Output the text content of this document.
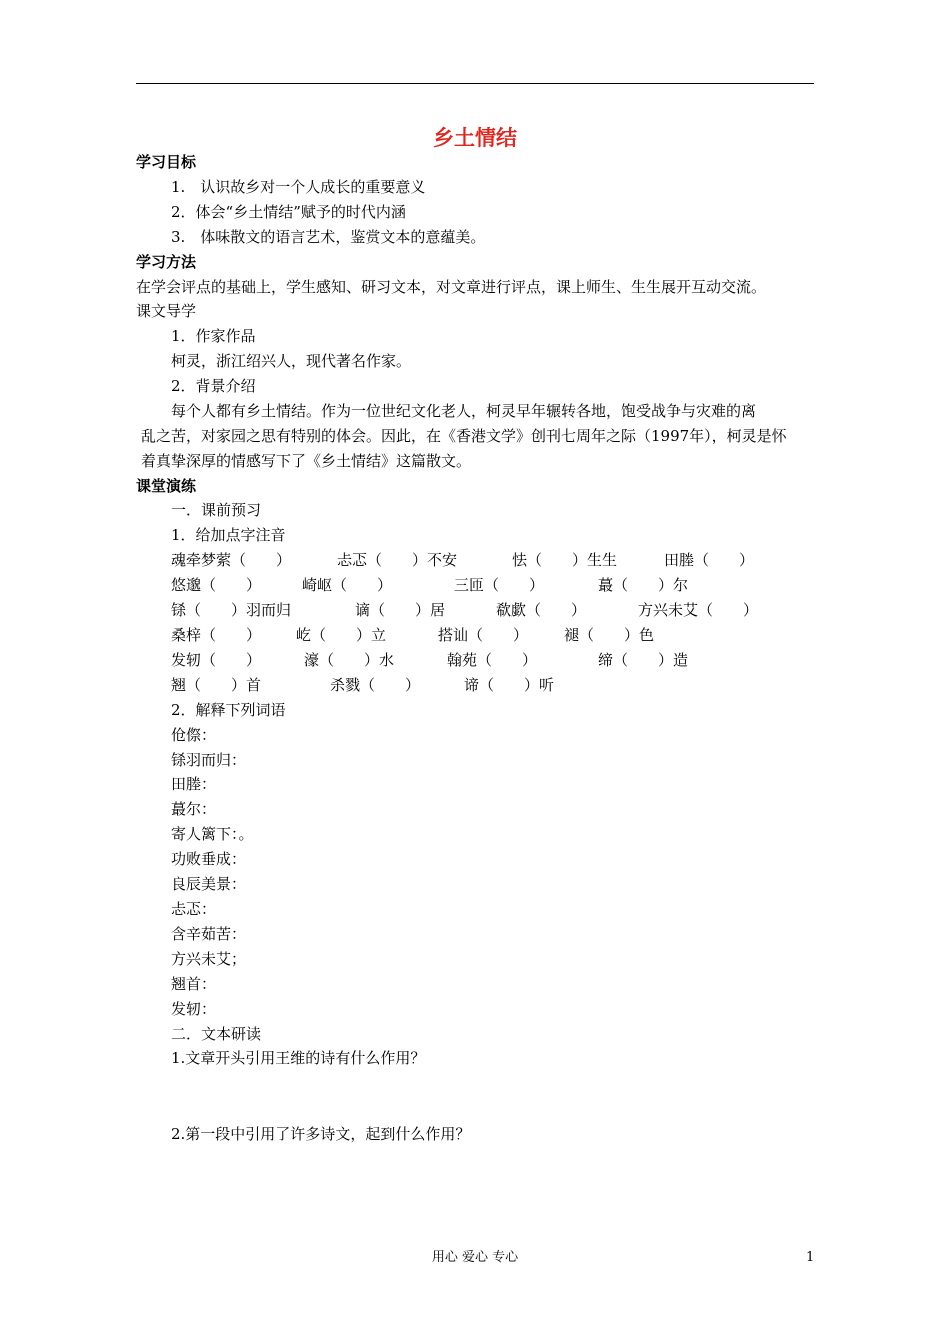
乡土情结
学习目标
1.　认识故乡对一个人成长的重要意义
2．体会“乡土情结”赋予的时代内涵
3.　体味散文的语言艺术，鉴赏文本的意蕴美。
学习方法
在学会评点的基础上，学生感知、研习文本，对文章进行评点，课上师生、生生展开互动交流。
课文导学
1．作家作品
柯灵，浙江绍兴人，现代著名作家。
2．背景介绍
每个人都有乡土情结。作为一位世纪文化老人，柯灵早年辗转各地，饱受战争与灾难的离
乱之苦，对家园之思有特别的体会。因此，在《香港文学》创刊七周年之际（1997年），柯灵是怀
着真挚深厚的情感写下了《乡土情结》这篇散文。
课堂演练
一．课前预习
1．给加点字注音
魂牵梦萦（　　）	忐忑（　　）不安	怯（　　）生生	田塍（　　）
悠邈（　　）	崎岖（　　）	三匝（　　）	蕞（　　）尔
铩（　　）羽而归	谪（　　）居	欷歔（　　）	方兴未艾（　　）
桑梓（　　） 屹（　　）立	搭讪（　　） 褪（　　）色
发轫（　　）	濠（　　）水	翰苑（　　）	缔（　　）造
翘（　　）首	杀戮（　　）	谛（　　）听
2．解释下列词语
伧傺：
铩羽而归：
田塍：
蕞尔：
寄人篱下：。
功败垂成：
良辰美景：
忐忑：
含辛茹苦：
方兴未艾；
翘首：
发轫：
二．文本研读
1.文章开头引用王维的诗有什么作用？
2.第一段中引用了许多诗文，起到什么作用？
用心 爱心 专心	1
